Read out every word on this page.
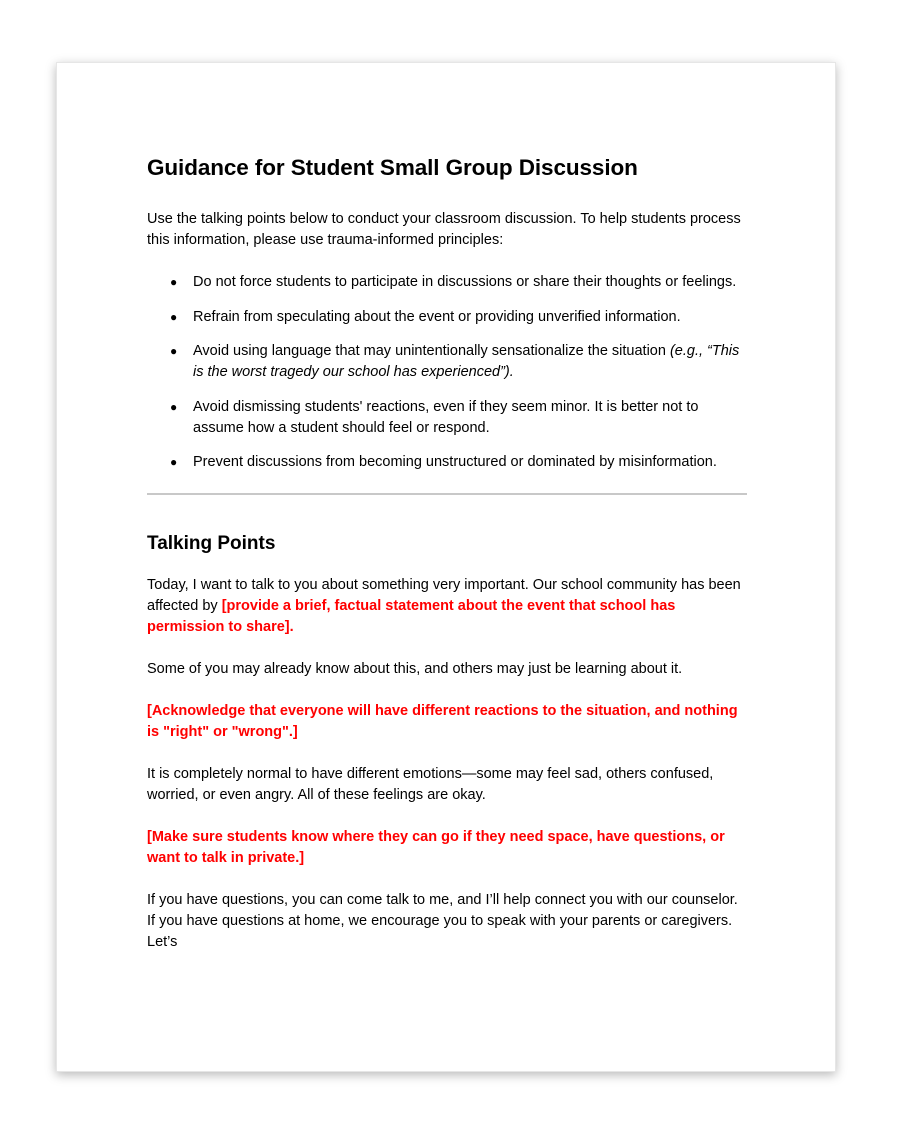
Guidance for Student Small Group Discussion

Use the talking points below to conduct your classroom discussion. To help students process this information, please use trauma-informed principles:

● Do not force students to participate in discussions or share their thoughts or feelings.
● Refrain from speculating about the event or providing unverified information.
● Avoid using language that may unintentionally sensationalize the situation (e.g., “This is the worst tragedy our school has experienced”).
● Avoid dismissing students' reactions, even if they seem minor. It is better not to assume how a student should feel or respond.
● Prevent discussions from becoming unstructured or dominated by misinformation.
Talking Points

Today, I want to talk to you about something very important. Our school community has been affected by [provide a brief, factual statement about the event that school has permission to share].

Some of you may already know about this, and others may just be learning about it.

[Acknowledge that everyone will have different reactions to the situation, and nothing is "right" or "wrong".]

It is completely normal to have different emotions—some may feel sad, others confused, worried, or even angry. All of these feelings are okay.

[Make sure students know where they can go if they need space, have questions, or want to talk in private.]

If you have questions, you can come talk to me, and I’ll help connect you with our counselor. If you have questions at home, we encourage you to speak with your parents or caregivers. Let’s
